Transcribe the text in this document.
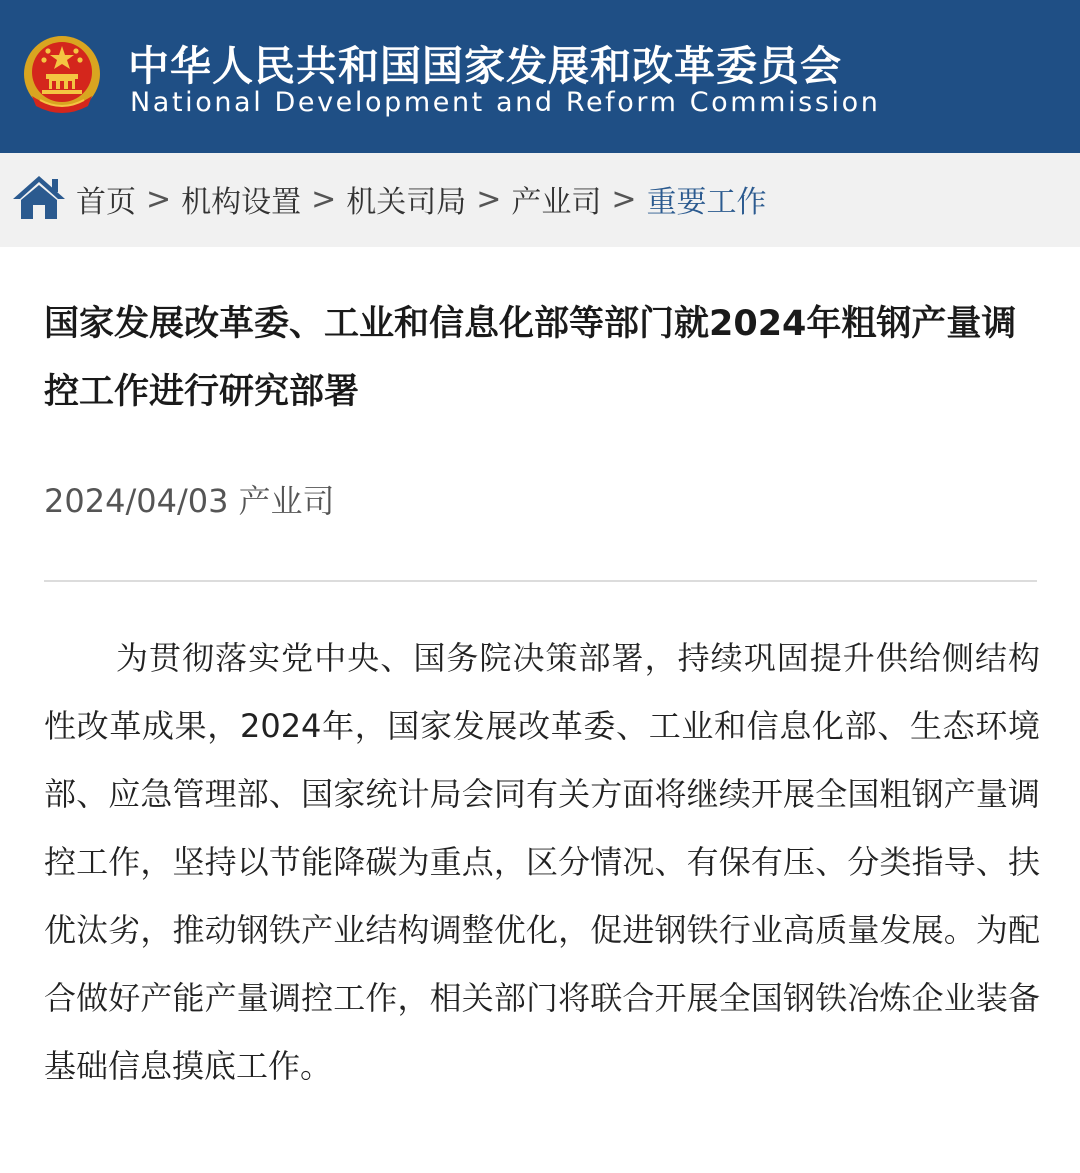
中华人民共和国国家发展和改革委员会
National Development and Reform Commission
首页 > 机构设置 > 机关司局 > 产业司 > 重要工作
国家发展改革委、工业和信息化部等部门就2024年粗钢产量调控工作进行研究部署
2024/04/03 产业司

为贯彻落实党中央、国务院决策部署，持续巩固提升供给侧结构性改革成果，2024年，国家发展改革委、工业和信息化部、生态环境部、应急管理部、国家统计局会同有关方面将继续开展全国粗钢产量调控工作，坚持以节能降碳为重点，区分情况、有保有压、分类指导、扶优汰劣，推动钢铁产业结构调整优化，促进钢铁行业高质量发展。为配合做好产能产量调控工作，相关部门将联合开展全国钢铁冶炼企业装备基础信息摸底工作。
